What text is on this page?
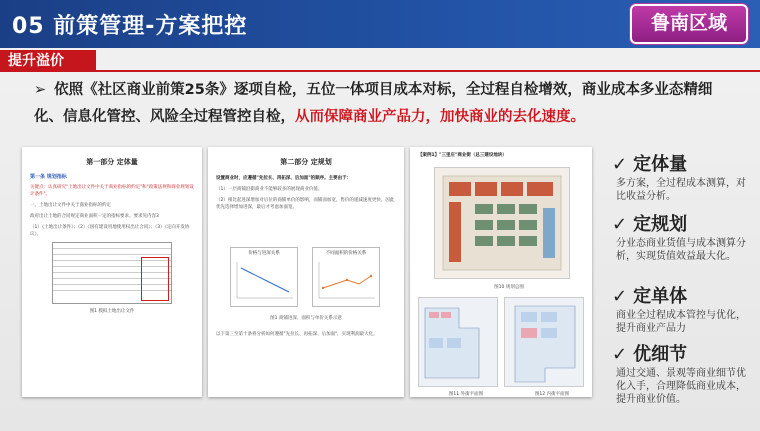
05 前策管理-方案把控	鲁南区域
提升溢价
➢ 依照《社区商业前策25条》逐项自检，五位一体项目成本对标，全过程自检增效，商业成本多业态精细化、信息化管控、风险全过程管控自检，从而保障商业产品力，加快商业的去化速度。
第一部分 定体量
第一条 规划指标
关键点：认真研究"土地出让文件中关于商业指标的约定"和"政策法规和商业规划设计条件"。
一、土地出让文件中关于商业指标的约定
政府出让土地的合同规定商业面积一定的指标要求。要求见内容3
（1）《土地出让条件》；（2）《国有建设用地使用权出让合同》；（3）《定向开发协议》。
图1 模拟土地出让文件
第二部分 定规划
设置商业时，应遵循"先拉长、再拓深、后加面"的顺序。主要由于：
（1）一层商铺沿街商业不能够较多的展现商业价值。
（2）相比起进深增加对后位的商铺单价的影响，而铺面加宽，售价的递减速度更快。因此优先选择增加进深，最后才考虑加面宽。
价格与进深关系	不同面积的价格关系
图1 商铺进深、面积与单价关系示意
以下第三至第十条将分析如何遵循"先拉长、再拓深、后加面"，实现利润最大化。
【案例1】"三里庄"商业街（总三建设地块）
图10 规划总图
图11 外街平面图	图12 内街平面图
✓ 定体量
多方案，全过程成本测算，对比收益分析。
✓ 定规划
分业态商业货值与成本测算分析，实现货值效益最大化。
✓ 定单体
商业全过程成本管控与优化，提升商业产品力
✓ 优细节
通过交通、景观等商业细节优化入手，合理降低商业成本，提升商业价值。
